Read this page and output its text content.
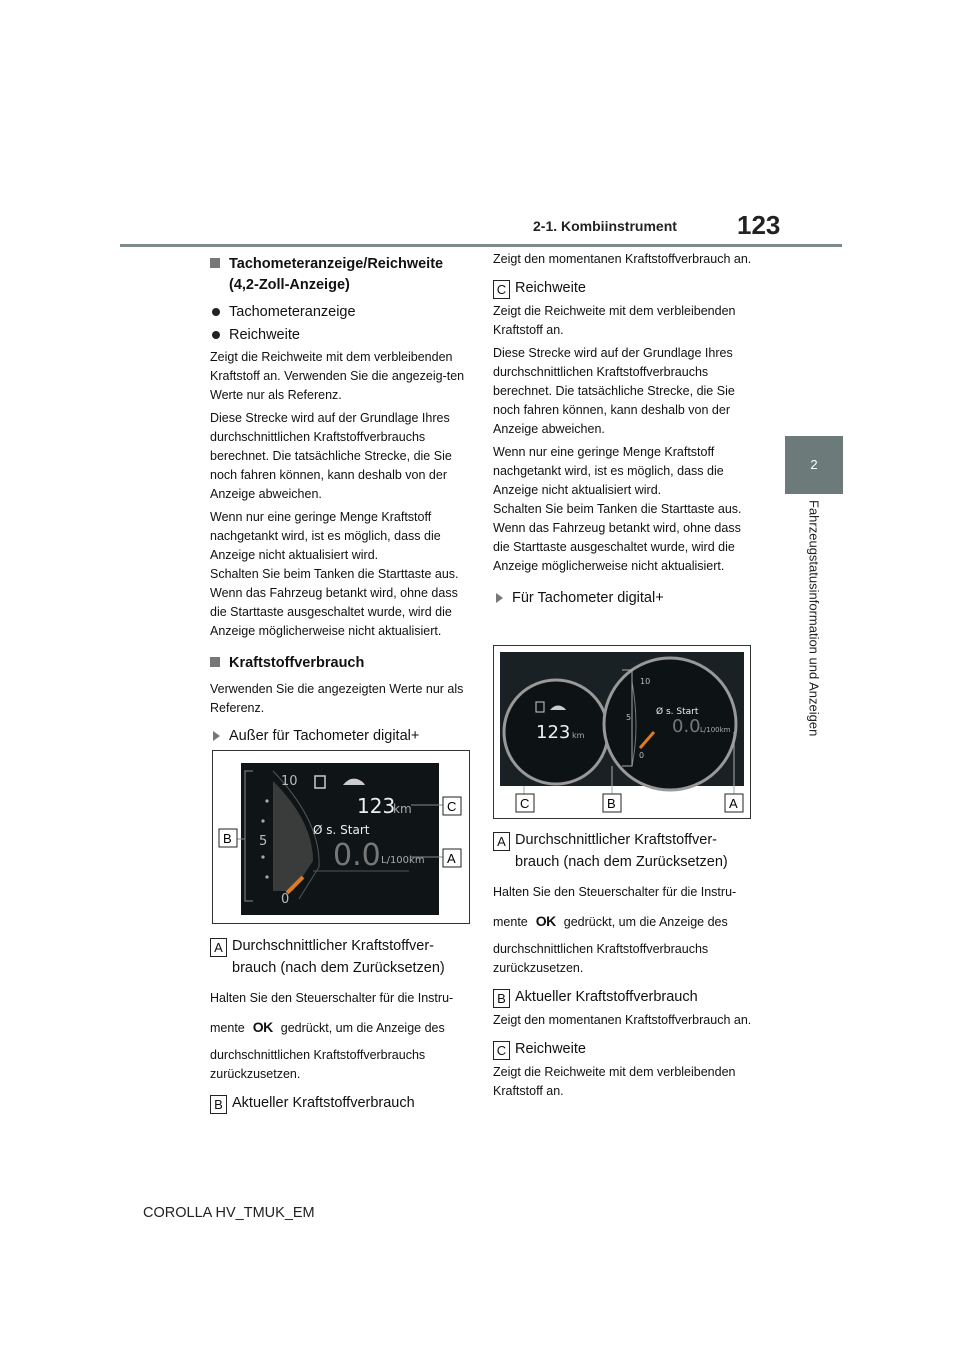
2-1. Kombiinstrument 123
2
Fahrzeugstatusinformation und Anzeigen
Tachometeranzeige/Reichweite (4,2-Zoll-Anzeige)
Tachometeranzeige
Reichweite

Zeigt die Reichweite mit dem verbleibenden Kraftstoff an. Verwenden Sie die angezeig-ten Werte nur als Referenz.

Diese Strecke wird auf der Grundlage Ihres durchschnittlichen Kraftstoffverbrauchs berechnet. Die tatsächliche Strecke, die Sie noch fahren können, kann deshalb von der Anzeige abweichen.

Wenn nur eine geringe Menge Kraftstoff nachgetankt wird, ist es möglich, dass die Anzeige nicht aktualisiert wird.

Schalten Sie beim Tanken die Starttaste aus. Wenn das Fahrzeug betankt wird, ohne dass die Starttaste ausgeschaltet wurde, wird die Anzeige möglicherweise nicht aktualisiert.

Kraftstoffverbrauch

Verwenden Sie die angezeigten Werte nur als Referenz.

Außer für Tachometer digital+
10
5
0
123
km
Ø s. Start
0.0 L/100km
B
C
A
A Durchschnittlicher Kraftstoffver-brauch (nach dem Zurücksetzen)

Halten Sie den Steuerschalter für die Instru-

mente OK gedrückt, um die Anzeige des

durchschnittlichen Kraftstoffverbrauchs zurückzusetzen.

B Aktueller Kraftstoffverbrauch

Zeigt den momentanen Kraftstoffverbrauch an.

C Reichweite

Zeigt die Reichweite mit dem verbleibenden Kraftstoff an.

Diese Strecke wird auf der Grundlage Ihres durchschnittlichen Kraftstoffverbrauchs berechnet. Die tatsächliche Strecke, die Sie noch fahren können, kann deshalb von der Anzeige abweichen.

Wenn nur eine geringe Menge Kraftstoff nachgetankt wird, ist es möglich, dass die Anzeige nicht aktualisiert wird.

Schalten Sie beim Tanken die Starttaste aus. Wenn das Fahrzeug betankt wird, ohne dass die Starttaste ausgeschaltet wurde, wird die Anzeige möglicherweise nicht aktualisiert.

Für Tachometer digital+
10
5
0
123 km
Ø s. Start
0.0 L/100km
C	B	A
A Durchschnittlicher Kraftstoffver-brauch (nach dem Zurücksetzen)

Halten Sie den Steuerschalter für die Instru-

mente OK gedrückt, um die Anzeige des

durchschnittlichen Kraftstoffverbrauchs zurückzusetzen.

B Aktueller Kraftstoffverbrauch

Zeigt den momentanen Kraftstoffverbrauch an.

C Reichweite

Zeigt die Reichweite mit dem verbleibenden Kraftstoff an.

COROLLA HV_TMUK_EM
